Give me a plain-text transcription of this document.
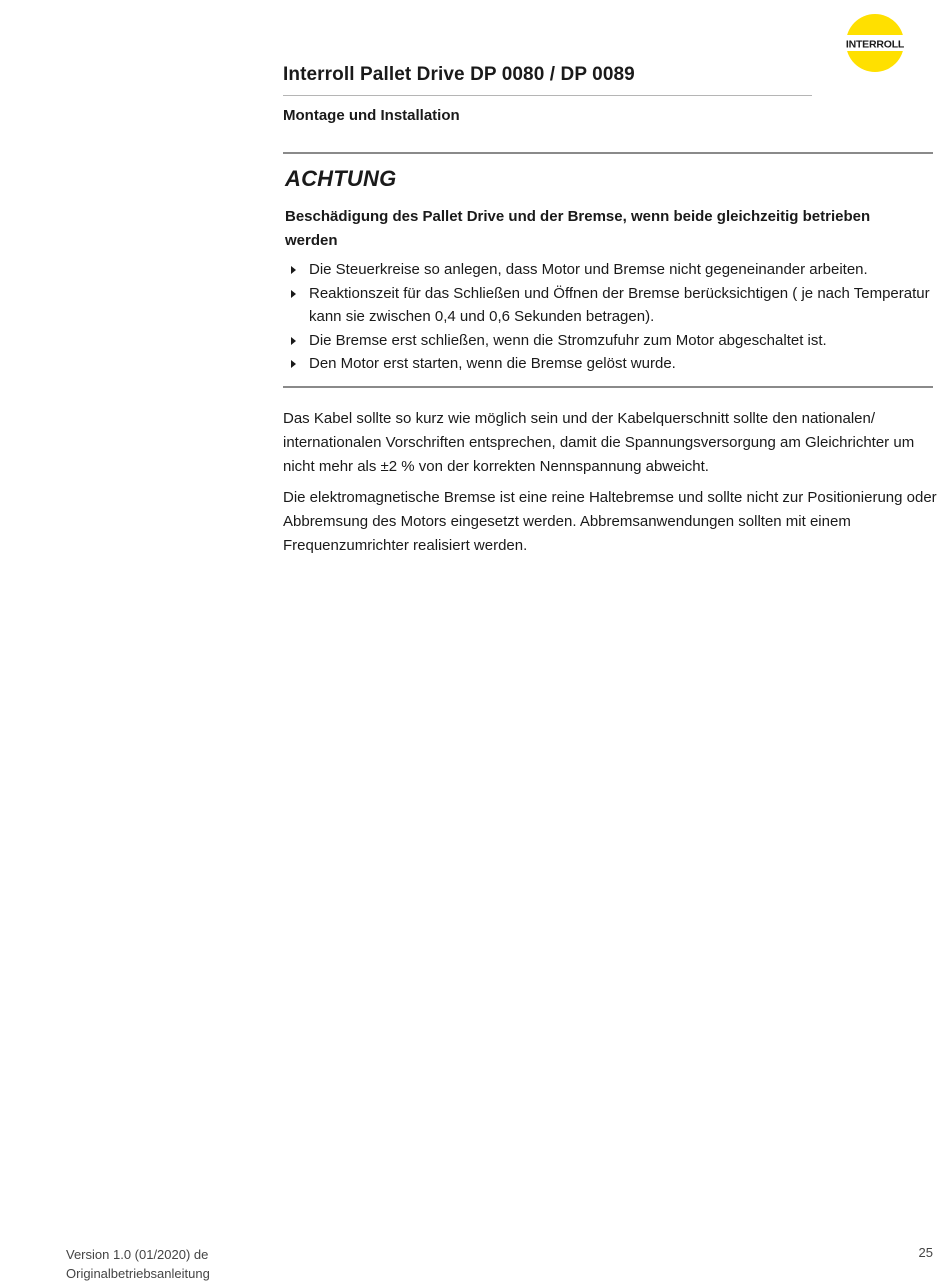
INTERROLL
Interroll Pallet Drive DP 0080 / DP 0089
Montage und Installation
ACHTUNG
Beschädigung des Pallet Drive und der Bremse, wenn beide gleichzeitig betrieben werden
Die Steuerkreise so anlegen, dass Motor und Bremse nicht gegeneinander arbeiten.
Reaktionszeit für das Schließen und Öffnen der Bremse berücksichtigen ( je nach Temperatur kann sie zwischen 0,4 und 0,6 Sekunden betragen).
Die Bremse erst schließen, wenn die Stromzufuhr zum Motor abgeschaltet ist.
Den Motor erst starten, wenn die Bremse gelöst wurde.

Das Kabel sollte so kurz wie möglich sein und der Kabelquerschnitt sollte den nationalen/ internationalen Vorschriften entsprechen, damit die Spannungsversorgung am Gleichrichter um nicht mehr als ±2 % von der korrekten Nennspannung abweicht.

Die elektromagnetische Bremse ist eine reine Haltebremse und sollte nicht zur Positionierung oder Abbremsung des Motors eingesetzt werden. Abbremsanwendungen sollten mit einem Frequenzumrichter realisiert werden.

Version 1.0 (01/2020) de
Originalbetriebsanleitung
25
